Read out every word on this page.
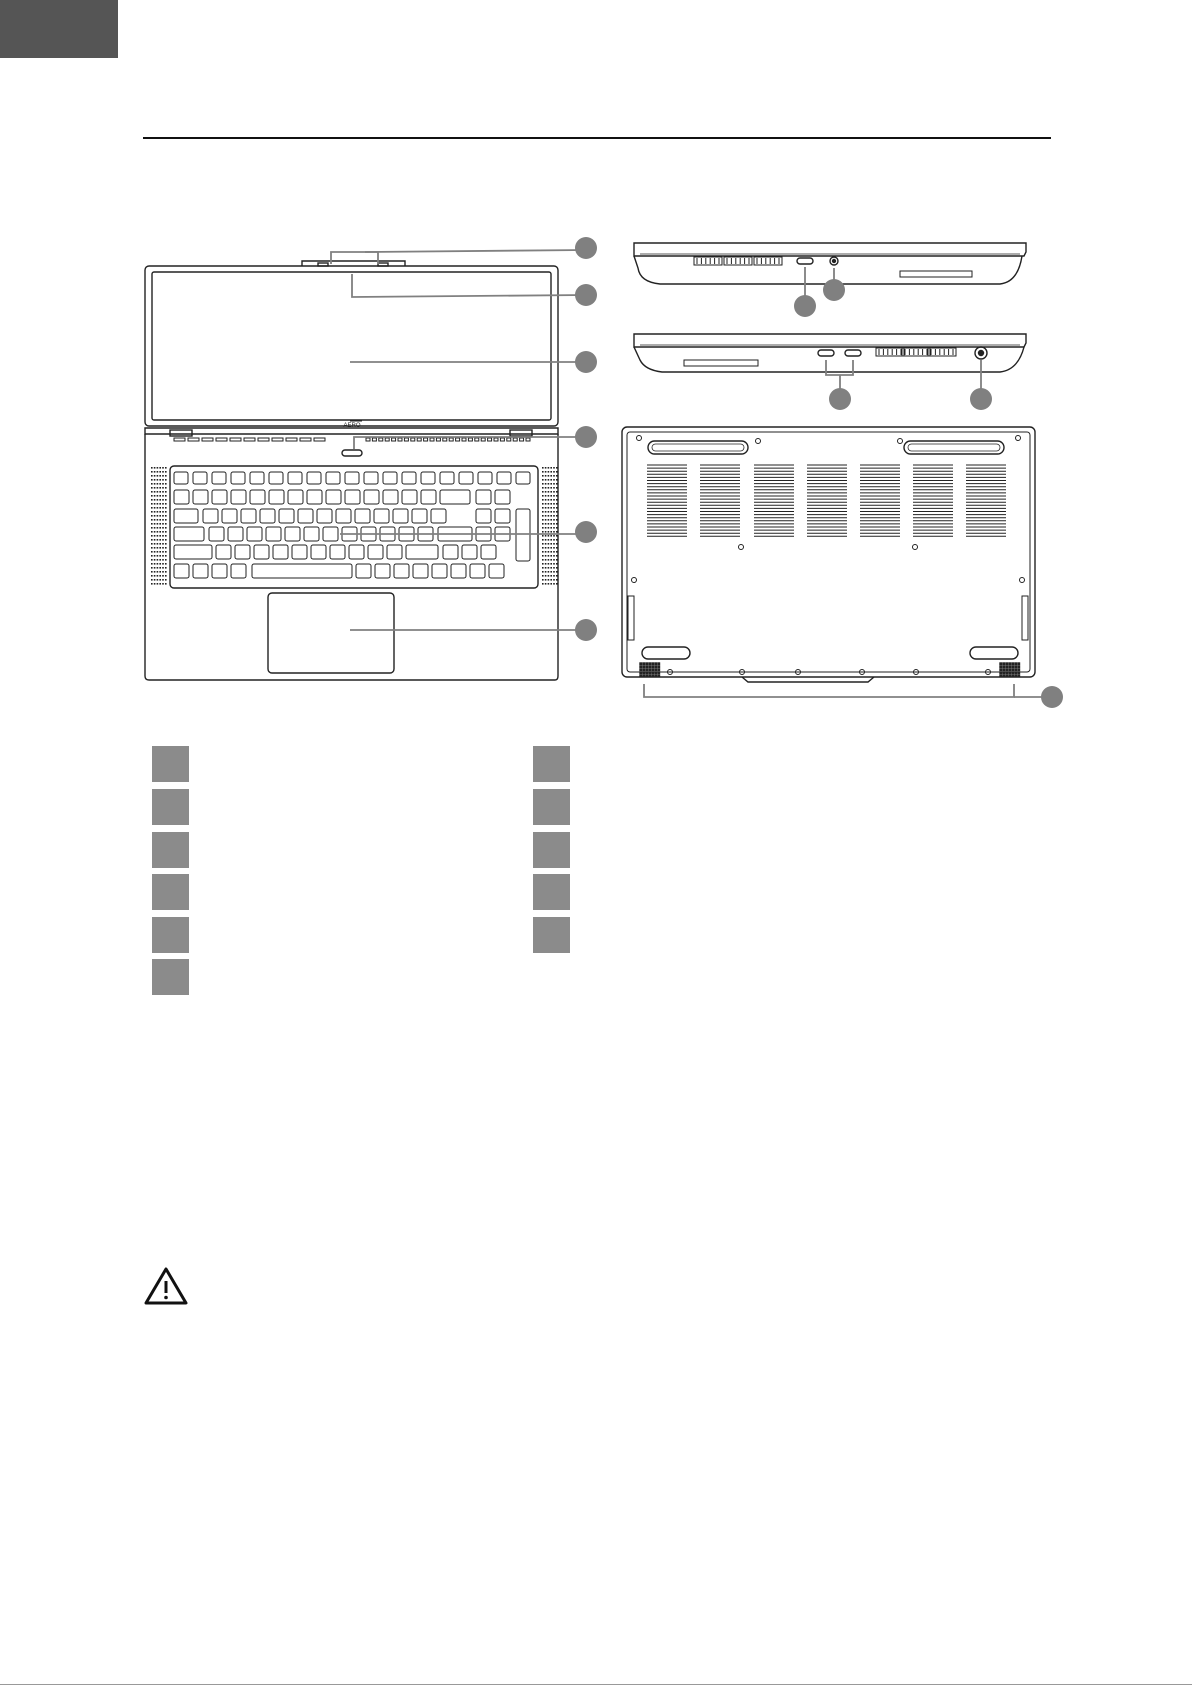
AERO
